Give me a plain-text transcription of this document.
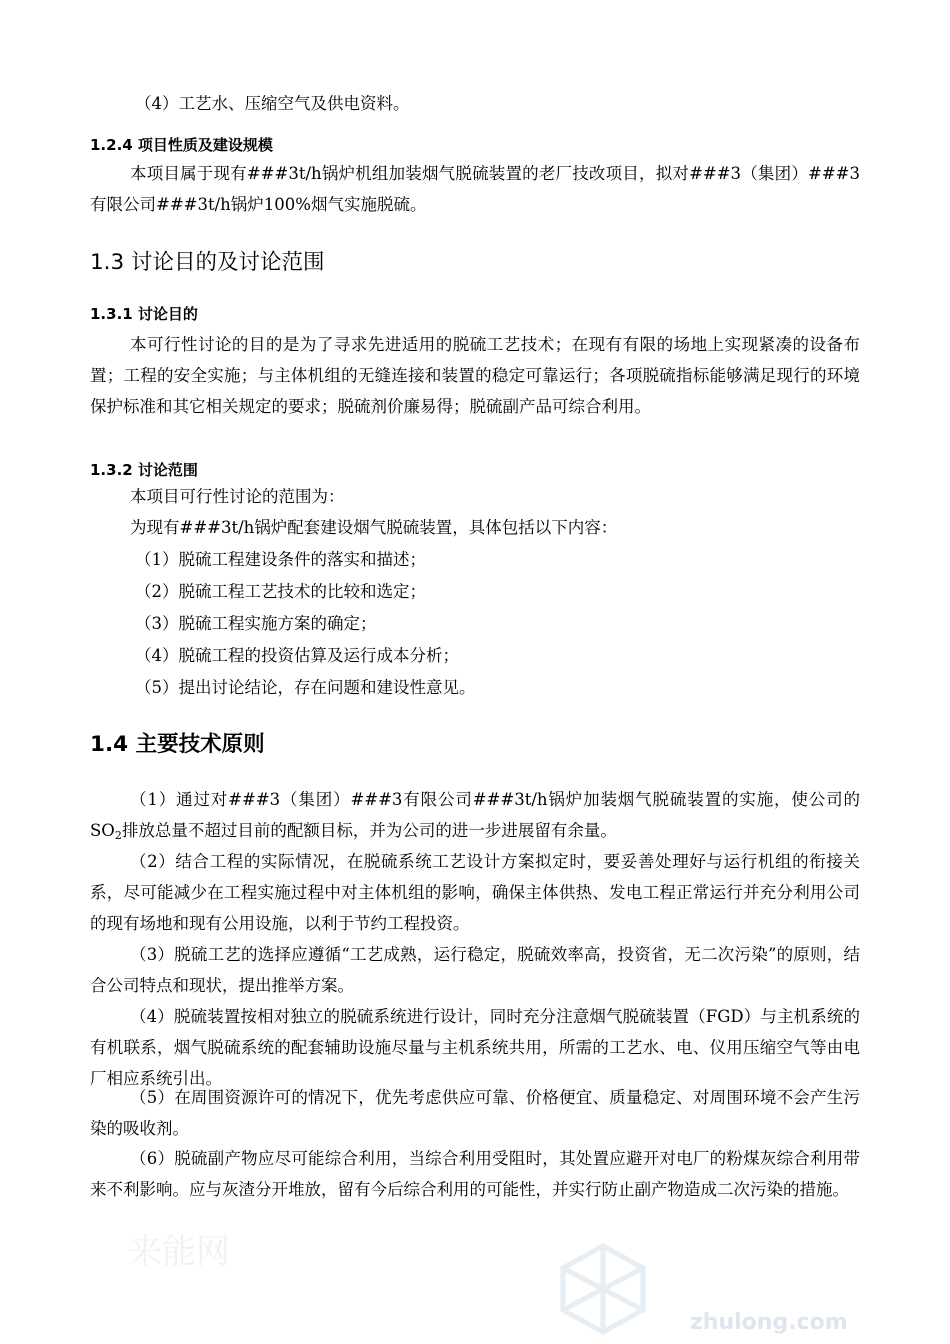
（4）工艺水、压缩空气及供电资料。

1.2.4 项目性质及建设规模

本项目属于现有###3t/h锅炉机组加装烟气脱硫装置的老厂技改项目，拟对###3（集团）###3有限公司###3t/h锅炉100%烟气实施脱硫。

1.3 讨论目的及讨论范围
1.3.1 讨论目的

本可行性讨论的目的是为了寻求先进适用的脱硫工艺技术；在现有有限的场地上实现紧凑的设备布置；工程的安全实施；与主体机组的无缝连接和装置的稳定可靠运行；各项脱硫指标能够满足现行的环境保护标准和其它相关规定的要求；脱硫剂价廉易得；脱硫副产品可综合利用。

1.3.2 讨论范围

本项目可行性讨论的范围为：

为现有###3t/h锅炉配套建设烟气脱硫装置，具体包括以下内容：

（1）脱硫工程建设条件的落实和描述；

（2）脱硫工程工艺技术的比较和选定；

（3）脱硫工程实施方案的确定；

（4）脱硫工程的投资估算及运行成本分析；

（5）提出讨论结论，存在问题和建设性意见。

1.4 主要技术原则

（1）通过对###3（集团）###3有限公司###3t/h锅炉加装烟气脱硫装置的实施，使公司的$SO_2$排放总量不超过目前的配额目标，并为公司的进一步进展留有余量。

（2）结合工程的实际情况，在脱硫系统工艺设计方案拟定时，要妥善处理好与运行机组的衔接关系，尽可能减少在工程实施过程中对主体机组的影响，确保主体供热、发电工程正常运行并充分利用公司的现有场地和现有公用设施，以利于节约工程投资。

（3）脱硫工艺的选择应遵循“工艺成熟，运行稳定，脱硫效率高，投资省，无二次污染”的原则，结合公司特点和现状，提出推举方案。

（4）脱硫装置按相对独立的脱硫系统进行设计，同时充分注意烟气脱硫装置（FGD）与主机系统的有机联系，烟气脱硫系统的配套辅助设施尽量与主机系统共用，所需的工艺水、电、仪用压缩空气等由电厂相应系统引出。

（5）在周围资源许可的情况下，优先考虑供应可靠、价格便宜、质量稳定、对周围环境不会产生污染的吸收剂。

（6）脱硫副产物应尽可能综合利用，当综合利用受阻时，其处置应避开对电厂的粉煤灰综合利用带来不利影响。应与灰渣分开堆放，留有今后综合利用的可能性，并实行防止副产物造成二次污染的措施。

来能网
zhulong.com
